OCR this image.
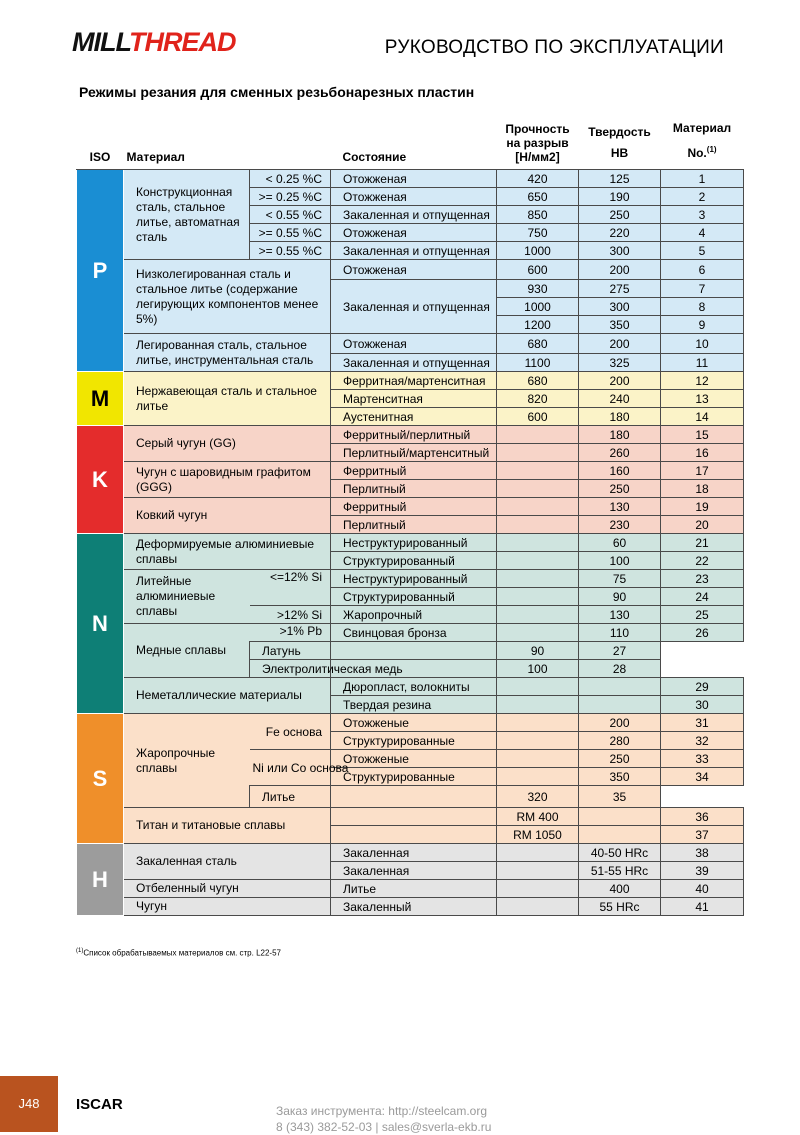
MILLTHREAD	РУКОВОДСТВО ПО ЭКСПЛУАТАЦИИ
Режимы резания для сменных резьбонарезных пластин
ISO	Материал		Состояние	Прочность на разрыв [Н/мм2]	Твердость HB	Материал No.$^{(1)}$
P	Конструкционная сталь, стальное литье, автоматная сталь	< 0.25 %С	Отожженая	420	125	1
		>= 0.25 %С	Отожженая	650	190	2
		< 0.55 %С	Закаленная и отпущенная	850	250	3
		>= 0.55 %С	Отожженая	750	220	4
		>= 0.55 %С	Закаленная и отпущенная	1000	300	5
	Низколегированная сталь и стальное литье (содержание легирующих компонентов менее 5%)		Отожженая	600	200	6
			Закаленная и отпущенная	930	275	7
				1000	300	8
				1200	350	9
	Легированная сталь, стальное литье, инструментальная сталь		Отожженая	680	200	10
			Закаленная и отпущенная	1100	325	11
M	Нержавеющая сталь и стальное литье		Ферритная/мартенситная	680	200	12
			Мартенситная	820	240	13
			Аустенитная	600	180	14
K	Серый чугун (GG)		Ферритный/перлитный		180	15
			Перлитный/мартенситный		260	16
	Чугун с шаровидным графитом (GGG)		Ферритный		160	17
			Перлитный		250	18
	Ковкий чугун		Ферритный		130	19
			Перлитный		230	20
N	Деформируемые алюминиевые сплавы		Неструктурированный		60	21
			Структурированный		100	22
	Литейные алюминиевые сплавы	<=12% Si	Неструктурированный		75	23
			Структурированный		90	24
		>12% Si	Жаропрочный		130	25
	Медные сплавы	>1% Pb	Свинцовая бронза		110	26
		Латунь		90	27	
		Электролитическая медь		100	28	
	Неметаллические материалы		Дюропласт, волокниты			29
			Твердая резина			30
S	Жаропрочные сплавы	Fe основа	Отожженые		200	31
			Структурированные		280	32
		Ni или Co основа	Отожженые		250	33
			Структурированные		350	34
		Литье		320	35	
	Титан и титановые сплавы			RM 400		36
				RM 1050		37
H	Закаленная сталь		Закаленная		40-50 HRc	38
			Закаленная		51-55 HRc	39
	Отбеленный чугун		Литье		400	40
	Чугун		Закаленный		55 HRc	41
$^{(1)}$Список обрабатываемых материалов см. стр. L22-57
J48	ISCAR	Заказ инструмента: http://steelcam.org
8 (343) 382-52-03 | sales@sverla-ekb.ru
